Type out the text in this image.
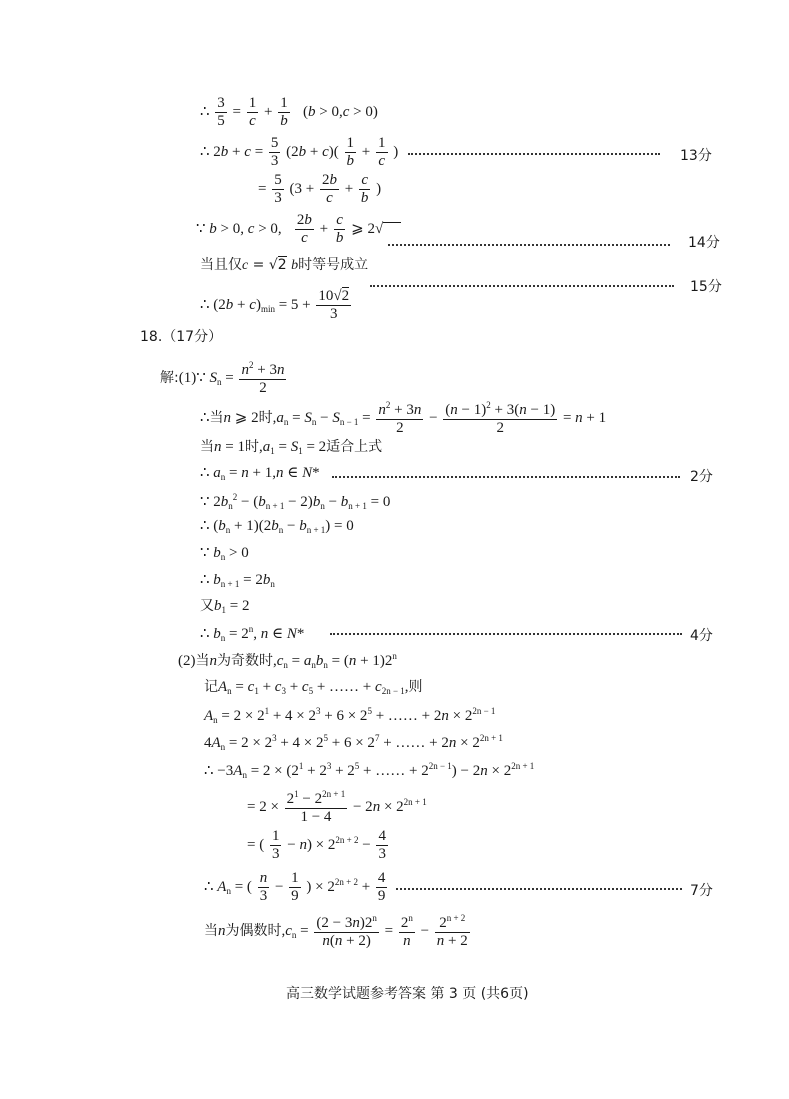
∴ $\frac{3}{5} = \frac{1}{c} + \frac{1}{b} (b > 0,c > 0)$
∴ $2b + c = \frac{5}{3} (2b + c)( \frac{1}{b} + \frac{1}{c}$ )	13分
= $\frac{5}{3} (3 + \frac{2b}{c} + \frac{c}{b}$ )
∵ b > 0, c > 0, $\frac{2b}{c} + \frac{c}{b}$ ⩾ 2√
14分
当且仅c = √2 b时等号成立
15分
∴ $(2b + c)_{min} = 5 + \frac{10√2}{3}$
18.（17分）
解:(1)∵ $S_n = \frac{n^2 + 3n}{2}$
∴当n ⩾ 2时$,a_n = S_n - S_{n - 1} = \frac{n^2 + 3n}{2} - \frac{(n - 1)^2 + 3(n - 1)}{2} = n + 1$
当n = 1时$,a_1 = S_1 = 2$适合上式
∴ $a_n = n + 1,n$ ∈ N*	2分
∵ $2b_n^2 - (b_{n + 1} - 2)b_n - b_{n + 1} = 0$
∴ $(b_n + 1)(2b_n - b_{n + 1}) = 0$
∵ $b_n > 0$
∴ $b_{n + 1} = 2b_n$
又$b_1 = 2$
∴ $b_n = 2^n$, n ∈ N*	4分
(2)当n为奇数时$,c_n = a_nb_n = (n + 1)2^n$
记$A_n = c_1 + c_3 + c_5$ + …… + $c_{2n - 1}$,则
$A_n = 2 \times 2^1 + 4 \times 2^3 + 6 \times 2^5$ + …… + $2n \times 2^{2n - 1}$
$4A_n = 2 \times 2^3 + 4 \times 2^5 + 6 \times 2^7$ + …… + $2n \times 2^{2n + 1}$
∴ $-3A_n = 2 \times (2^1 + 2^3 + 2^5$ + …… + $2^{2n - 1}) - 2n \times 2^{2n + 1}$
= $2 \times \frac{2^1 - 2^{2n + 1}}{1 - 4} - 2n \times 2^{2n + 1}$
= ( $\frac{1}{3} - n) \times 2^{2n + 2} - \frac{4}{3}$
∴ $A_n$ = ( $\frac{n}{3} - \frac{1}{9}$ ) × $2^{2n + 2} + \frac{4}{9}$	7分
当n为偶数时$,c_n = \frac{(2 - 3n)2^n}{n(n + 2)} = \frac{2^n}{n} - \frac{2^{n + 2}}{n + 2}$
高三数学试题参考答案 第 3 页 (共6页)
